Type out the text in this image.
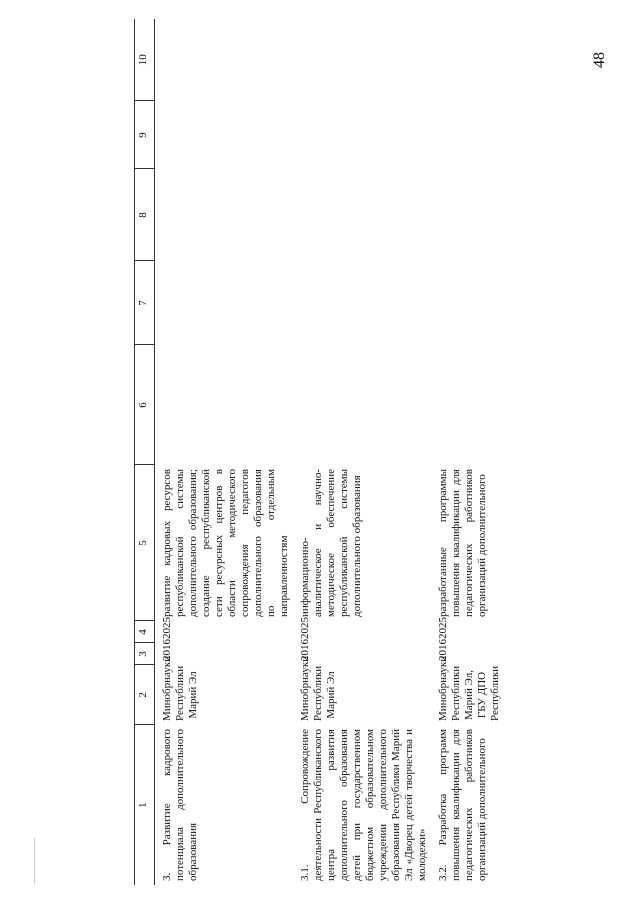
48
1	2	3	4	5	6	7	8	9	10
3. Развитие кадрового потенциала дополнительного образования	Минобрнауки Республики Марий Эл	2016	2025	развитие кадровых ресурсов республиканской системы дополнительного образования; создание республиканской сети ресурсных центров в области методического сопровождения педагогов дополнительного образования по отдельным направленностям					
3.1. Сопровождение деятельности Республиканского центра развития дополнительного образования детей при государственном бюджетном образовательном учреждении дополнительного образования Республики Марий Эл «Дворец детей творчества и молодежи»	Минобрнауки Республики Марий Эл	2016	2025	информационно-аналитическое и научно-методическое обеспечение республиканской системы дополнительного образования					
3.2. Разработка программ повышения квалификации для педагогических работников организаций дополнительного	Минобрнауки Республики Марий Эл, ГБУ ДПО Республики	2016	2025	разработанные программы повышения квалификации для педагогических работников организаций дополнительного					
